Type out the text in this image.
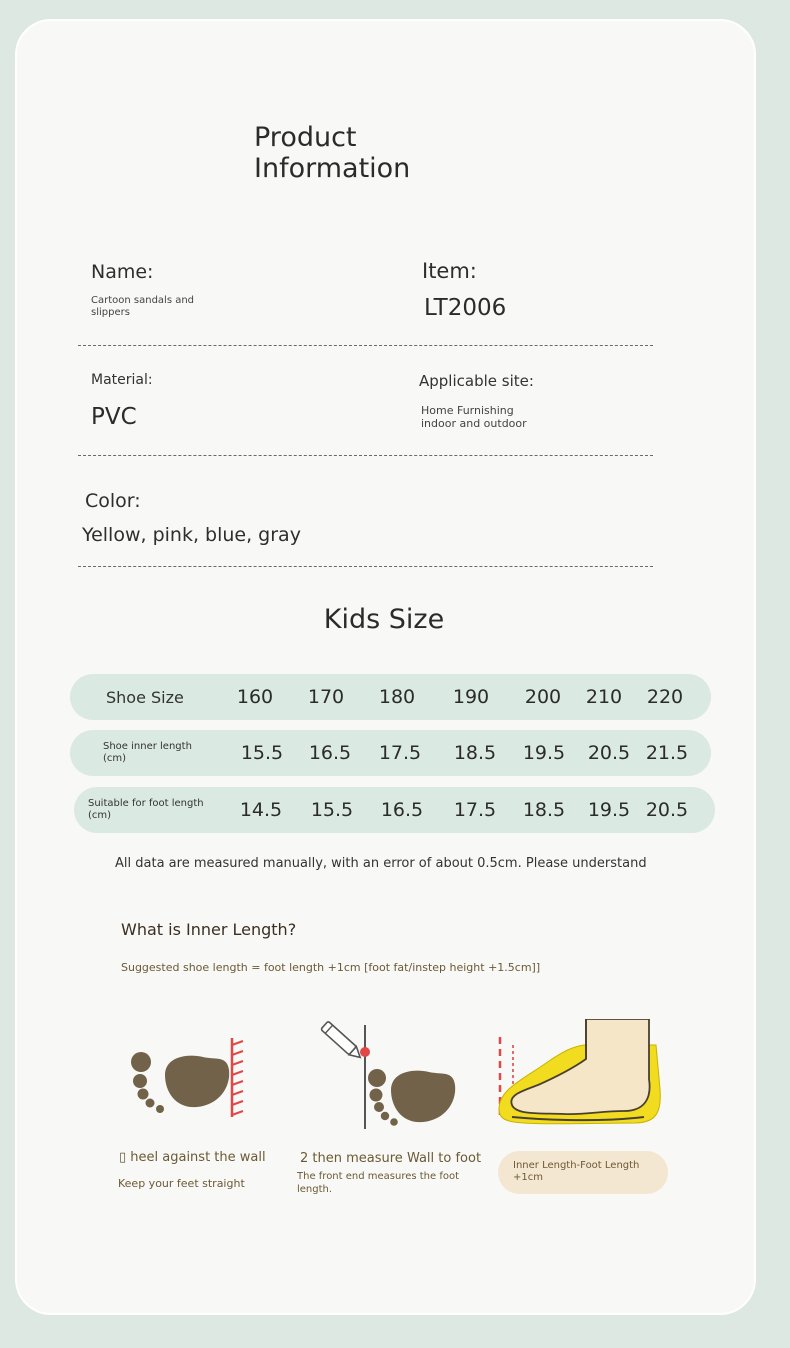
Product Information
Name:
Cartoon sandals and slippers
Item:
LT2006
Material:
PVC
Applicable site:
Home Furnishing indoor and outdoor
Color:
Yellow, pink, blue, gray
Kids Size
Shoe Size	160	170	180	190	200	210	220
Shoe inner length (cm)	15.5	16.5	17.5	18.5	19.5	20.5 21.5
Suitable for foot length (cm)	14.5	15.5	16.5	17.5	18.5	19.5 20.5
All data are measured manually, with an error of about 0.5cm. Please understand
What is Inner Length?
Suggested shoe length = foot length +1cm [foot fat/instep height +1.5cm]]
▯ heel against the wall
Keep your feet straight
2 then measure Wall to foot
The front end measures the foot length.
Inner Length-Foot Length +1cm
